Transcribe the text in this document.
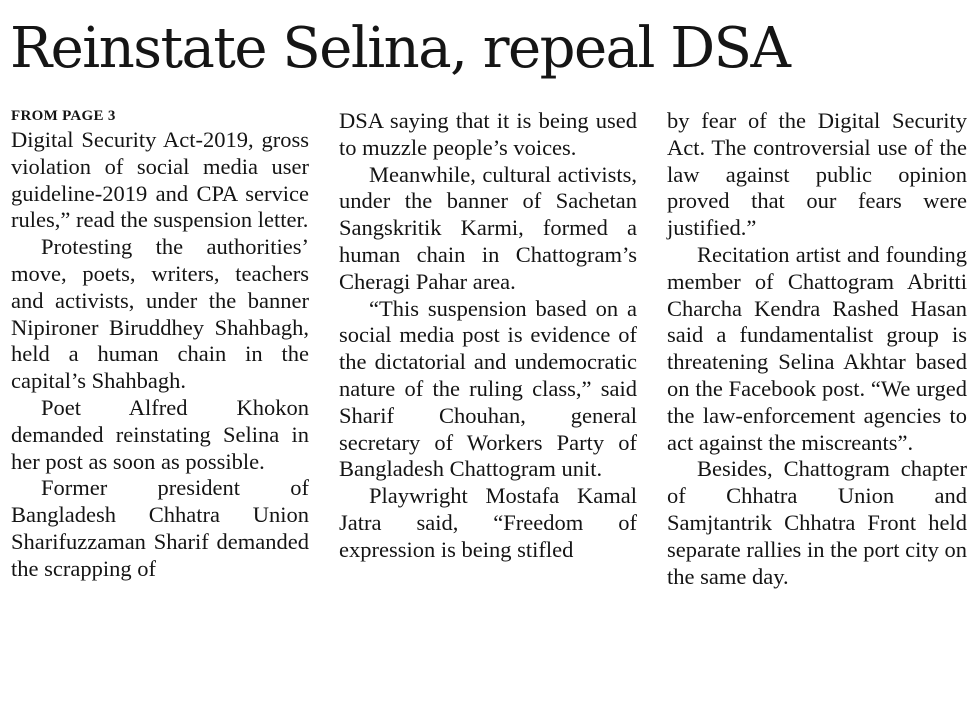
Reinstate Selina, repeal DSA
FROM PAGE 3

Digital Security Act-2019, gross violation of social media user guideline-2019 and CPA service rules,” read the suspension letter.

Protesting the authorities’ move, poets, writers, teachers and activists, under the banner Nipironer Biruddhey Shahbagh, held a human chain in the capital’s Shahbagh.

Poet Alfred Khokon demanded reinstating Selina in her post as soon as possible.

Former president of Bangladesh Chhatra Union Sharifuzzaman Sharif demanded the scrapping of

DSA saying that it is being used to muzzle people’s voices.

Meanwhile, cultural activists, under the banner of Sachetan Sangskritik Karmi, formed a human chain in Chattogram’s Cheragi Pahar area.

“This suspension based on a social media post is evidence of the dictatorial and undemocratic nature of the ruling class,” said Sharif Chouhan, general secretary of Workers Party of Bangladesh Chattogram unit.

Playwright Mostafa Kamal Jatra said, “Freedom of expression is being stifled

by fear of the Digital Security Act. The controversial use of the law against public opinion proved that our fears were justified.”

Recitation artist and founding member of Chattogram Abritti Charcha Kendra Rashed Hasan said a fundamentalist group is threatening Selina Akhtar based on the Facebook post. “We urged the law-enforcement agencies to act against the miscreants”.

Besides, Chattogram chapter of Chhatra Union and Samjtantrik Chhatra Front held separate rallies in the port city on the same day.
